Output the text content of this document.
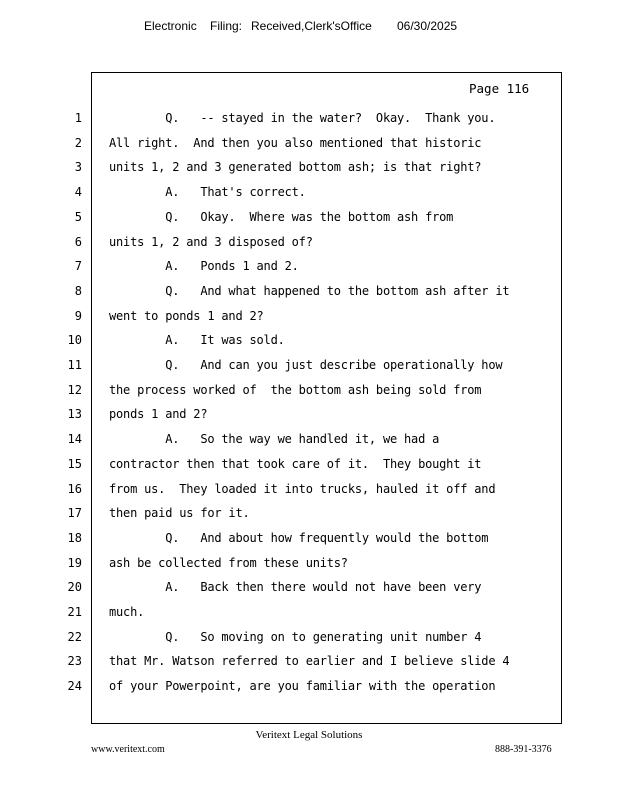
Electronic

Filing:

Received,Clerk'sOffice

06/30/2025

Page 116
1 Q.   -- stayed in the water?  Okay.  Thank you.
2 All right.  And then you also mentioned that historic
3 units 1, 2 and 3 generated bottom ash; is that right?
4 A.   That's correct.
5 Q.   Okay.  Where was the bottom ash from
6 units 1, 2 and 3 disposed of?
7 A.   Ponds 1 and 2.
8 Q.   And what happened to the bottom ash after it
9 went to ponds 1 and 2?
10 A.   It was sold.
11 Q.   And can you just describe operationally how
12 the process worked of  the bottom ash being sold from
13 ponds 1 and 2?
14 A.   So the way we handled it, we had a
15 contractor then that took care of it.  They bought it
16 from us.  They loaded it into trucks, hauled it off and
17 then paid us for it.
18 Q.   And about how frequently would the bottom
19 ash be collected from these units?
20 A.   Back then there would not have been very
21 much.
22 Q.   So moving on to generating unit number 4
23 that Mr. Watson referred to earlier and I believe slide 4
24 of your Powerpoint, are you familiar with the operation
Veritext Legal Solutions
www.veritext.com	888-391-3376
